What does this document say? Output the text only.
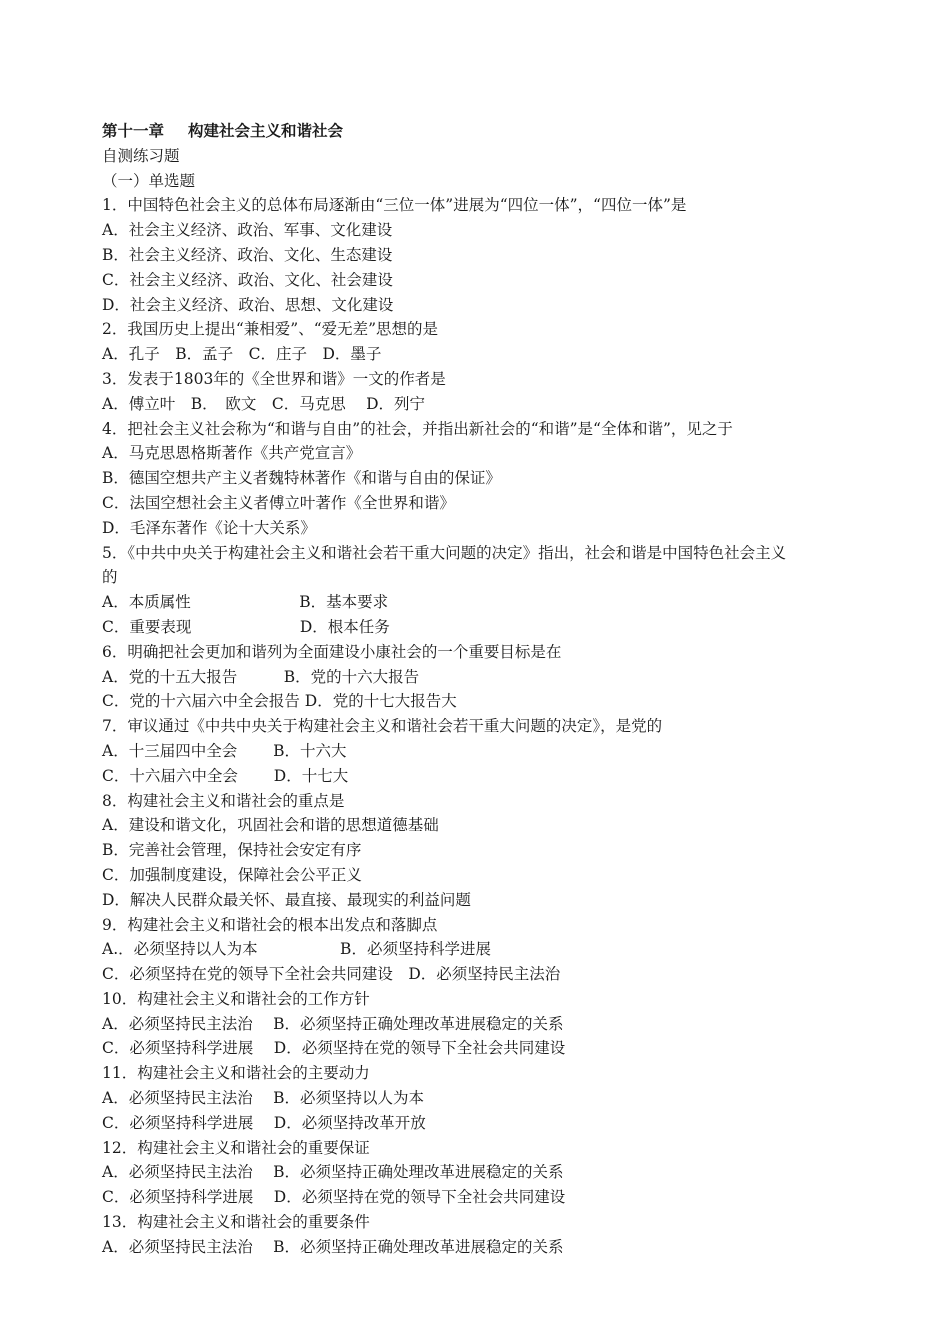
第十一章 构建社会主义和谐社会
自测练习题
（一）单选题
1．中国特色社会主义的总体布局逐渐由“三位一体”进展为“四位一体”，“四位一体”是
A．社会主义经济、政治、军事、文化建设
B．社会主义经济、政治、文化、生态建设
C．社会主义经济、政治、文化、社会建设
D．社会主义经济、政治、思想、文化建设
2．我国历史上提出“兼相爱”、“爱无差”思想的是
A．孔子　B．孟子　C．庄子　D．墨子
3．发表于1803年的《全世界和谐》一文的作者是
A．傅立叶　B．　欧文　C．马克思　 D．列宁
4．把社会主义社会称为“和谐与自由”的社会，并指出新社会的“和谐”是“全体和谐”，见之于
A．马克思恩格斯著作《共产党宣言》
B．德国空想共产主义者魏特林著作《和谐与自由的保证》
C．法国空想社会主义者傅立叶著作《全世界和谐》
D．毛泽东著作《论十大关系》
5．《中共中央关于构建社会主义和谐社会若干重大问题的决定》指出，社会和谐是中国特色社会主义
的
A．本质属性　　　　　　　B．基本要求
C．重要表现　　　　　　　D．根本任务
6．明确把社会更加和谐列为全面建设小康社会的一个重要目标是在
A．党的十五大报告　　　B．党的十六大报告
C．党的十六届六中全会报告 D．党的十七大报告大
7．审议通过《中共中央关于构建社会主义和谐社会若干重大问题的决定》，是党的
A．十三届四中全会　　 B．十六大
C．十六届六中全会　　 D．十七大
8．构建社会主义和谐社会的重点是
A．建设和谐文化，巩固社会和谐的思想道德基础
B．完善社会管理，保持社会安定有序
C．加强制度建设，保障社会公平正义
D．解决人民群众最关怀、最直接、最现实的利益问题
9．构建社会主义和谐社会的根本出发点和落脚点
A.．必须坚持以人为本　　　　　 B．必须坚持科学进展
C．必须坚持在党的领导下全社会共同建设　D．必须坚持民主法治
10．构建社会主义和谐社会的工作方针
A．必须坚持民主法治　 B．必须坚持正确处理改革进展稳定的关系
C．必须坚持科学进展　 D．必须坚持在党的领导下全社会共同建设
11．构建社会主义和谐社会的主要动力
A．必须坚持民主法治　 B．必须坚持以人为本
C．必须坚持科学进展　 D．必须坚持改革开放
12．构建社会主义和谐社会的重要保证
A．必须坚持民主法治　 B．必须坚持正确处理改革进展稳定的关系
C．必须坚持科学进展　 D．必须坚持在党的领导下全社会共同建设
13．构建社会主义和谐社会的重要条件
A．必须坚持民主法治　 B．必须坚持正确处理改革进展稳定的关系
